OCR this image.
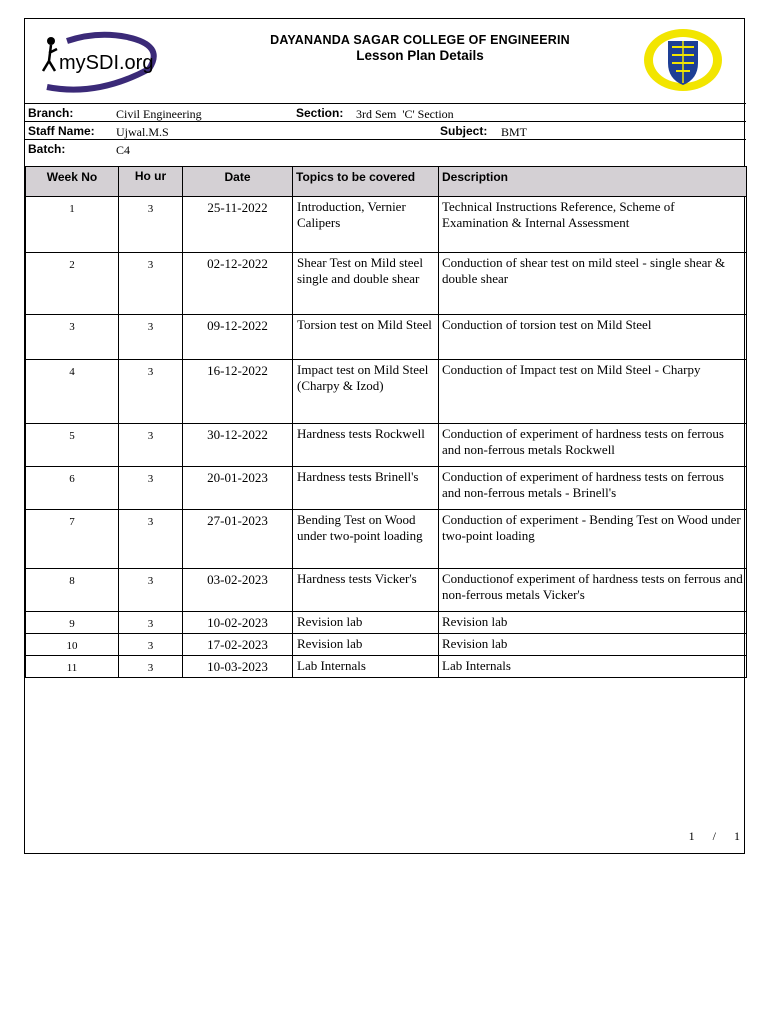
mySDI.org
DAYANANDA SAGAR COLLEGE OF ENGINEERIN
Lesson Plan Details
Branch:	Civil Engineering	Section: 3rd Sem  'C' Section
Staff Name: Ujwal.M.S	Subject: BMT
Batch:	C4
Week No	Ho ur	Date	Topics to be covered	Description
1	3	25-11-2022	Introduction, Vernier Calipers	Technical Instructions Reference, Scheme of Examination & Internal Assessment
2	3	02-12-2022	Shear Test on Mild steel single and double shear	Conduction of shear test on mild steel - single shear & double shear
3	3	09-12-2022	Torsion test on Mild Steel	Conduction of torsion test on Mild Steel
4	3	16-12-2022	Impact test on Mild Steel (Charpy & Izod)	Conduction of Impact test on Mild Steel - Charpy
5	3	30-12-2022	Hardness tests Rockwell	Conduction of experiment of hardness tests on ferrous and non-ferrous metals Rockwell
6	3	20-01-2023	Hardness tests Brinell's	Conduction of experiment of hardness tests on ferrous and non-ferrous metals - Brinell's
7	3	27-01-2023	Bending Test on Wood under two-point loading	Conduction of experiment - Bending Test on Wood under two-point loading
8	3	03-02-2023	Hardness tests Vicker's	Conductionof experiment of hardness tests on ferrous and non-ferrous metals Vicker's
9	3	10-02-2023	Revision lab	Revision lab
10	3	17-02-2023	Revision lab	Revision lab
11	3	10-03-2023	Lab Internals	Lab Internals
1  /  1
